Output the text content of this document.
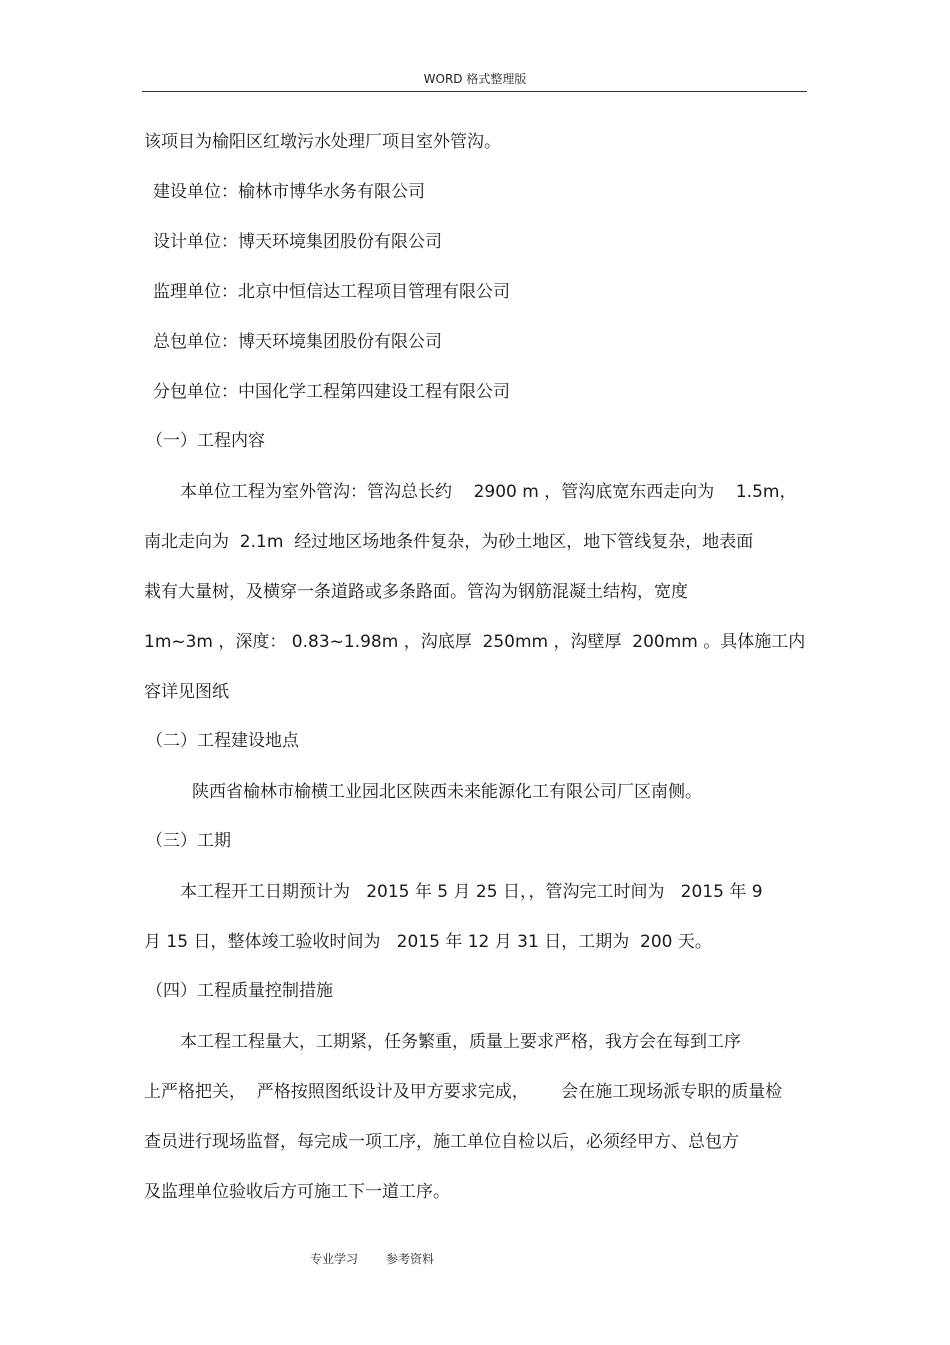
WORD 格式整理版
该项目为榆阳区红墩污水处理厂项目室外管沟。
建设单位：榆林市博华水务有限公司
设计单位：博天环境集团股份有限公司
监理单位：北京中恒信达工程项目管理有限公司
总包单位：博天环境集团股份有限公司
分包单位：中国化学工程第四建设工程有限公司
（一）工程内容
本单位工程为室外管沟：管沟总长约    2900 m ，管沟底宽东西走向为    1.5m，
南北走向为  2.1m  经过地区场地条件复杂，为砂土地区，地下管线复杂，地表面
栽有大量树，及横穿一条道路或多条路面。管沟为钢筋混凝土结构，宽度
1m~3m ，深度： 0.83~1.98m ，沟底厚  250mm ，沟壁厚  200mm 。具体施工内
容详见图纸
（二）工程建设地点
陕西省榆林市榆横工业园北区陕西未来能源化工有限公司厂区南侧。
（三）工期
本工程开工日期预计为   2015 年 5 月 25 日，，管沟完工时间为   2015 年 9
月 15 日，整体竣工验收时间为   2015 年 12 月 31 日，工期为  200 天。
（四）工程质量控制措施
本工程工程量大，工期紧，任务繁重，质量上要求严格，我方会在每到工序
上严格把关，  严格按照图纸设计及甲方要求完成，      会在施工现场派专职的质量检
查员进行现场监督，每完成一项工序，施工单位自检以后，必须经甲方、总包方
及监理单位验收后方可施工下一道工序。
专业学习 参考资料
